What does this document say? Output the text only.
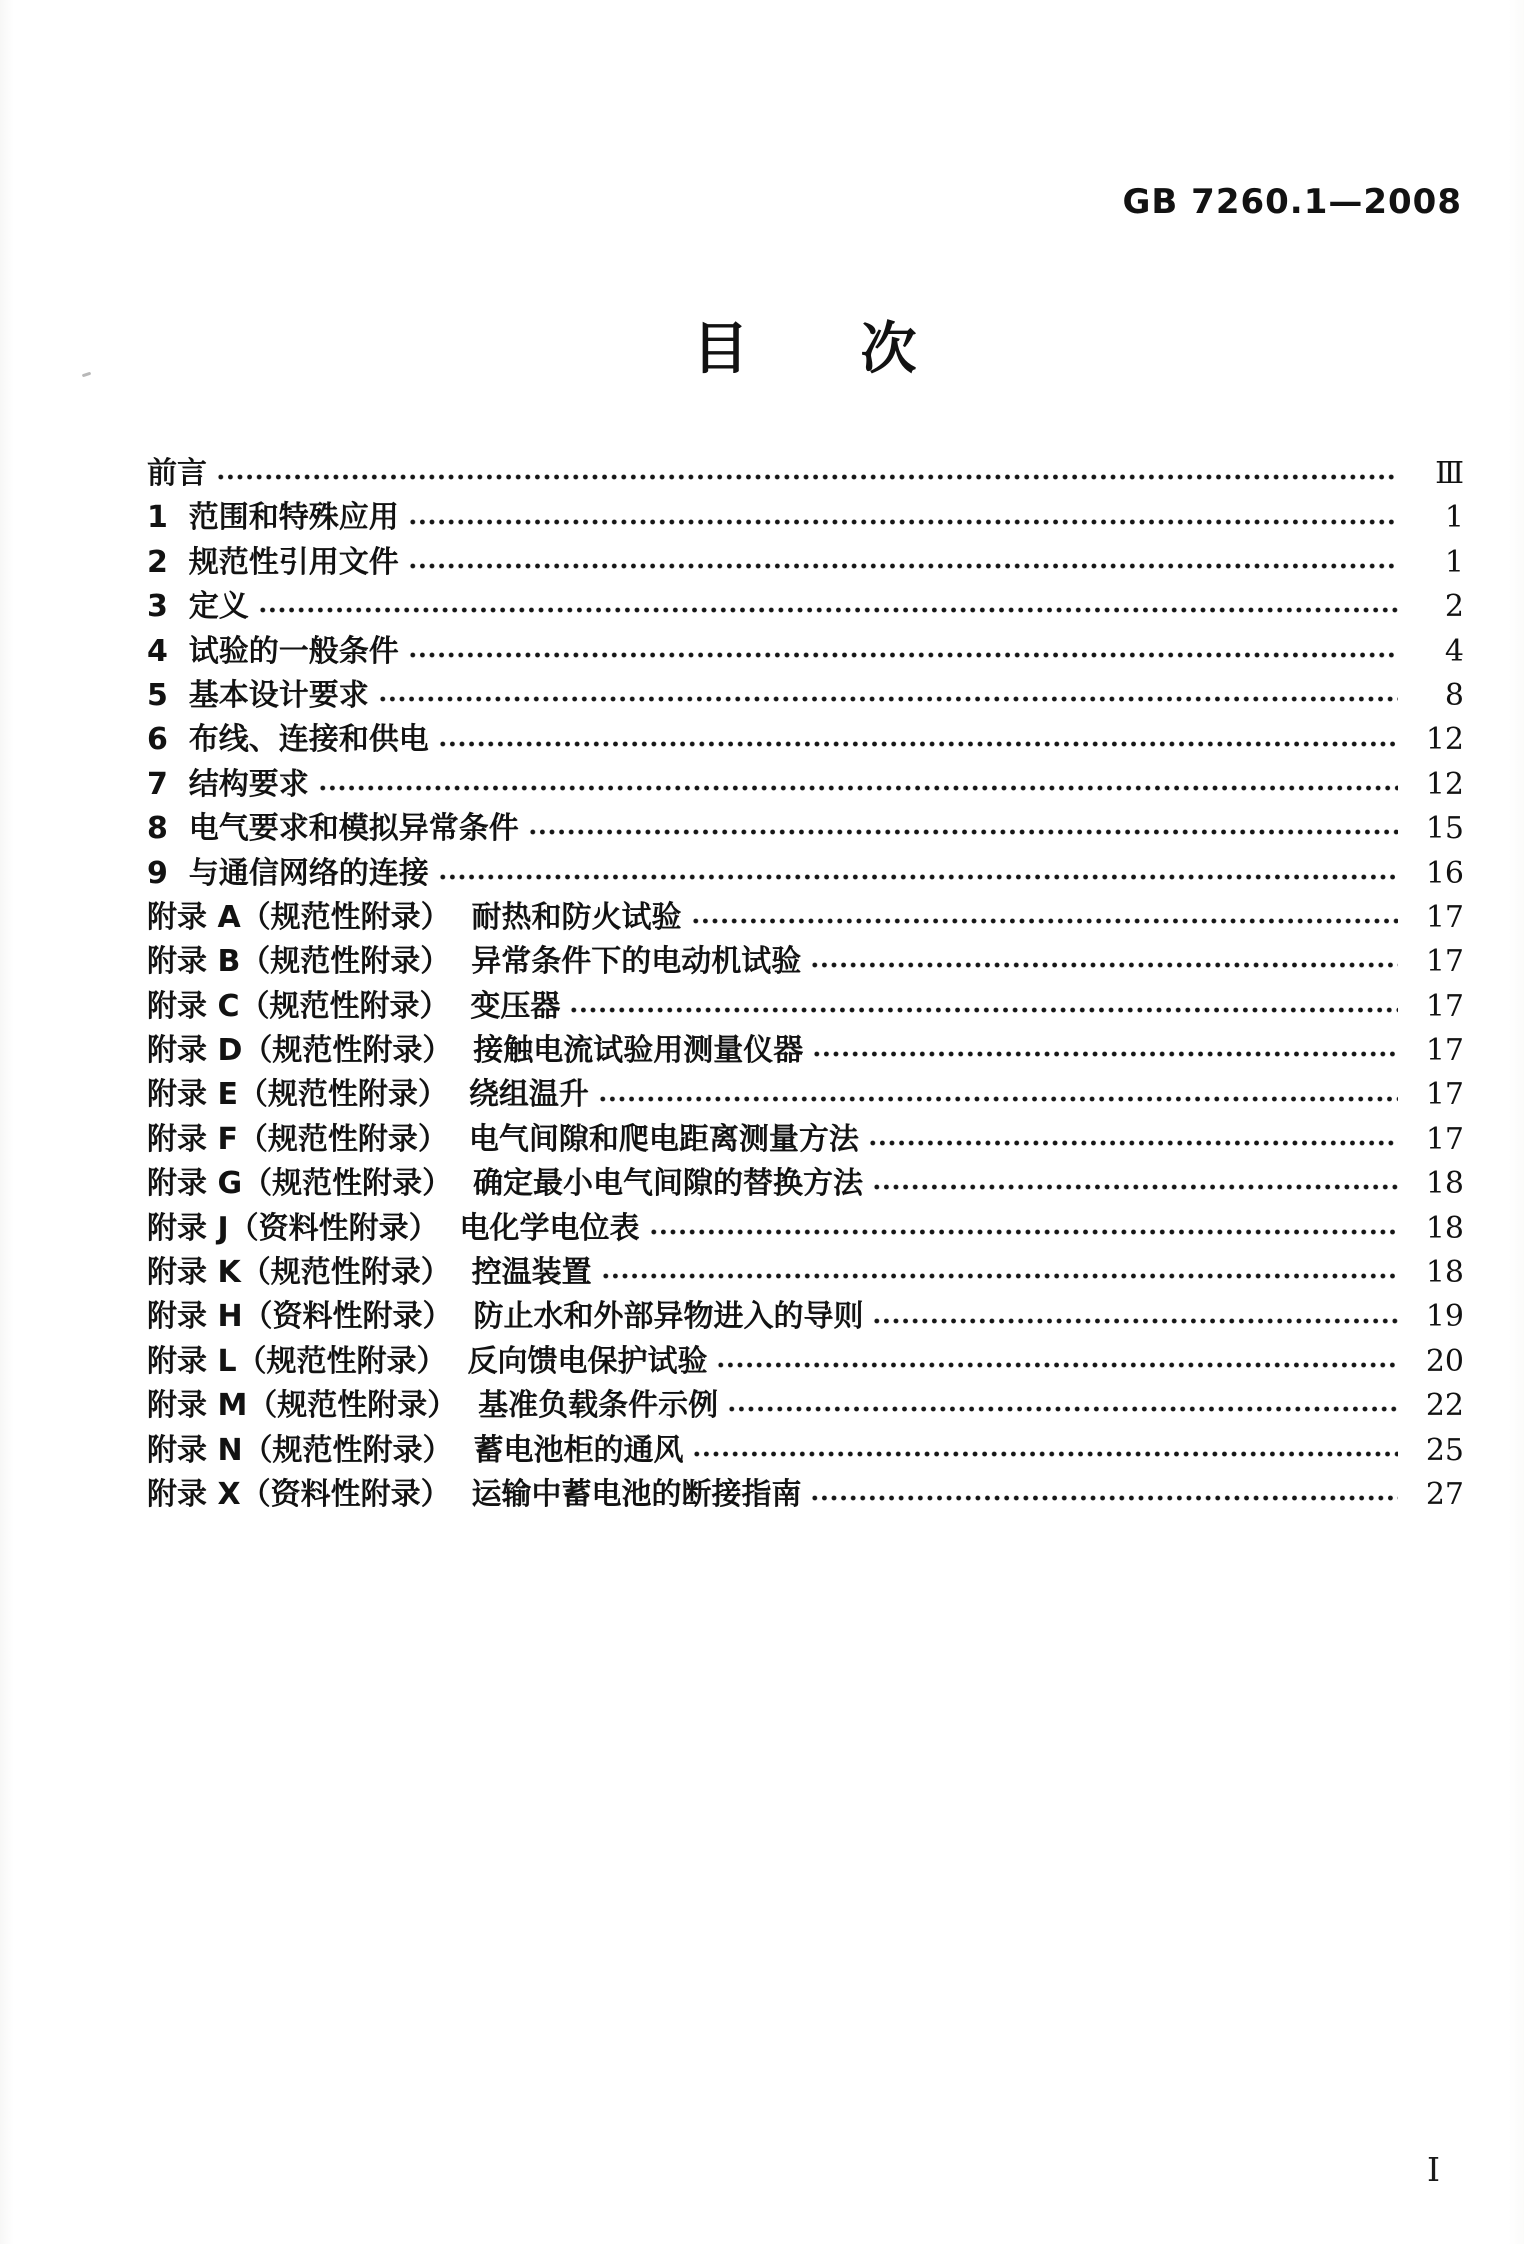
GB 7260.1—2008
目　　次
前言	Ⅲ
1  范围和特殊应用	1
2  规范性引用文件	1
3  定义	2
4  试验的一般条件	4
5  基本设计要求	8
6  布线、连接和供电	12
7  结构要求	12
8  电气要求和模拟异常条件	15
9  与通信网络的连接	16
附录 A（规范性附录）  耐热和防火试验	17
附录 B（规范性附录）  异常条件下的电动机试验	17
附录 C（规范性附录）  变压器	17
附录 D（规范性附录）  接触电流试验用测量仪器	17
附录 E（规范性附录）  绕组温升	17
附录 F（规范性附录）  电气间隙和爬电距离测量方法	17
附录 G（规范性附录）  确定最小电气间隙的替换方法	18
附录 J（资料性附录）  电化学电位表	18
附录 K（规范性附录）  控温装置	18
附录 H（资料性附录）  防止水和外部异物进入的导则	19
附录 L（规范性附录）  反向馈电保护试验	20
附录 M（规范性附录）  基准负载条件示例	22
附录 N（规范性附录）  蓄电池柜的通风	25
附录 X（资料性附录）  运输中蓄电池的断接指南	27
Ⅰ
